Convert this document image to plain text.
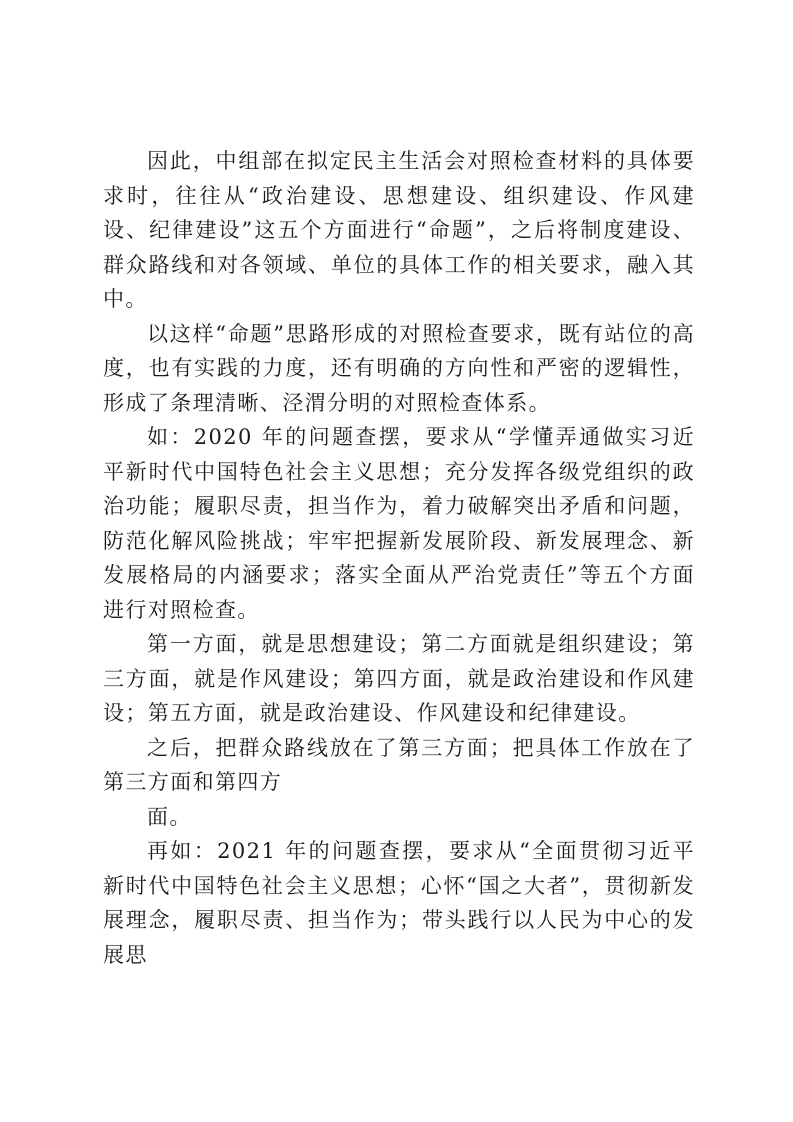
因此，中组部在拟定民主生活会对照检查材料的具体要求时，往往从“政治建设、思想建设、组织建设、作风建设、纪律建设”这五个方面进行“命题”，之后将制度建设、群众路线和对各领域、单位的具体工作的相关要求，融入其中。

以这样“命题”思路形成的对照检查要求，既有站位的高度，也有实践的力度，还有明确的方向性和严密的逻辑性，形成了条理清晰、泾渭分明的对照检查体系。

如：2020 年的问题查摆，要求从“学懂弄通做实习近平新时代中国特色社会主义思想；充分发挥各级党组织的政治功能；履职尽责，担当作为，着力破解突出矛盾和问题，防范化解风险挑战；牢牢把握新发展阶段、新发展理念、新发展格局的内涵要求；落实全面从严治党责任”等五个方面进行对照检查。

第一方面，就是思想建设；第二方面就是组织建设；第三方面，就是作风建设；第四方面，就是政治建设和作风建设；第五方面，就是政治建设、作风建设和纪律建设。

之后，把群众路线放在了第三方面；把具体工作放在了第三方面和第四方

面。

再如：2021 年的问题查摆，要求从“全面贯彻习近平新时代中国特色社会主义思想；心怀“国之大者”，贯彻新发展理念，履职尽责、担当作为；带头践行以人民为中心的发展思
